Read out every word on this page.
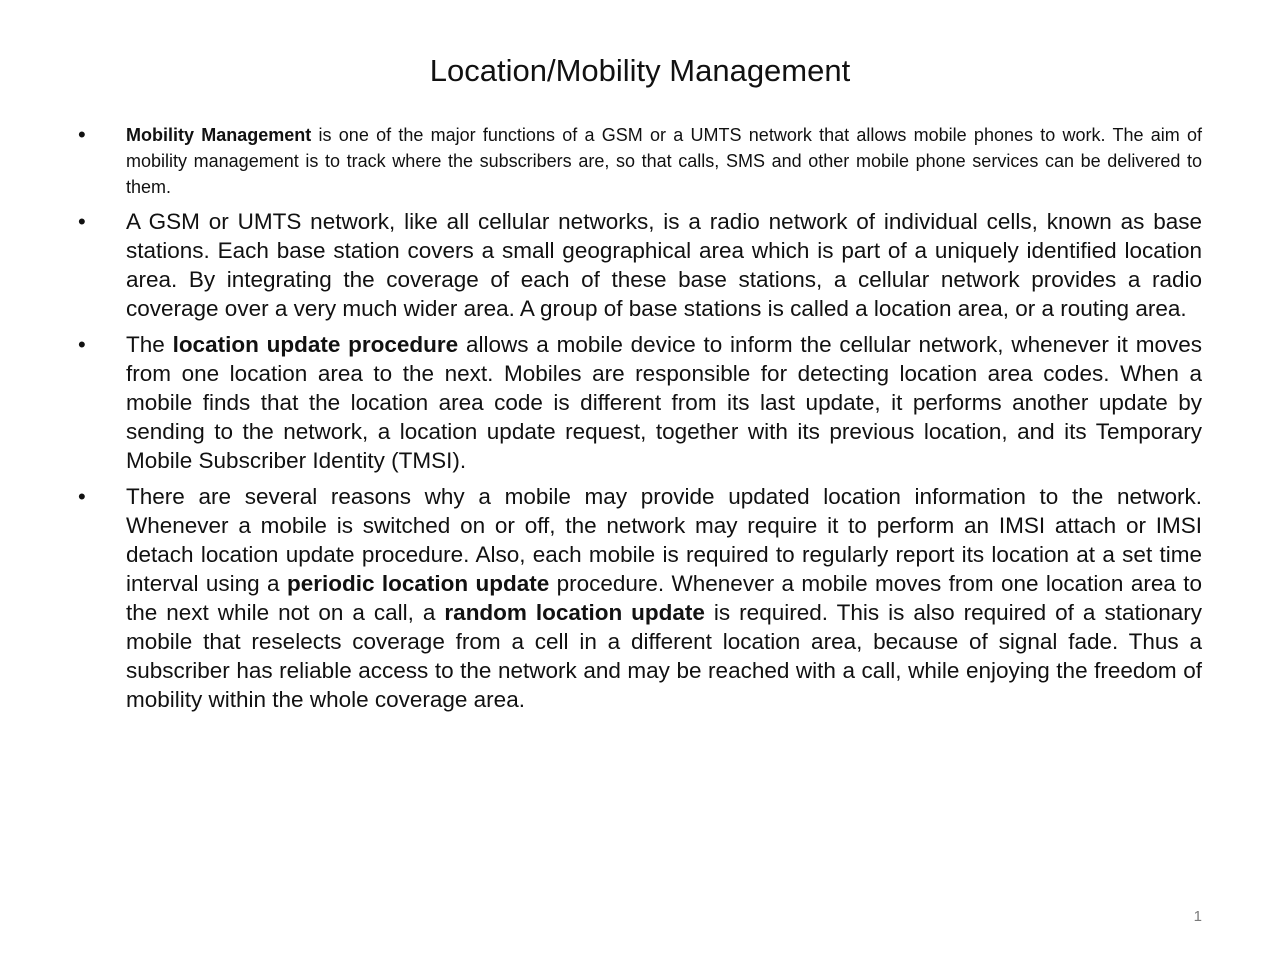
Location/Mobility Management
• Mobility Management is one of the major functions of a GSM or a UMTS network that allows mobile phones to work. The aim of mobility management is to track where the subscribers are, so that calls, SMS and other mobile phone services can be delivered to them.
• A GSM or UMTS network, like all cellular networks, is a radio network of individual cells, known as base stations. Each base station covers a small geographical area which is part of a uniquely identified location area. By integrating the coverage of each of these base stations, a cellular network provides a radio coverage over a very much wider area. A group of base stations is called a location area, or a routing area.
• The location update procedure allows a mobile device to inform the cellular network, whenever it moves from one location area to the next. Mobiles are responsible for detecting location area codes. When a mobile finds that the location area code is different from its last update, it performs another update by sending to the network, a location update request, together with its previous location, and its Temporary Mobile Subscriber Identity (TMSI).
• There are several reasons why a mobile may provide updated location information to the network. Whenever a mobile is switched on or off, the network may require it to perform an IMSI attach or IMSI detach location update procedure. Also, each mobile is required to regularly report its location at a set time interval using a periodic location update procedure. Whenever a mobile moves from one location area to the next while not on a call, a random location update is required. This is also required of a stationary mobile that reselects coverage from a cell in a different location area, because of signal fade. Thus a subscriber has reliable access to the network and may be reached with a call, while enjoying the freedom of mobility within the whole coverage area.
1
